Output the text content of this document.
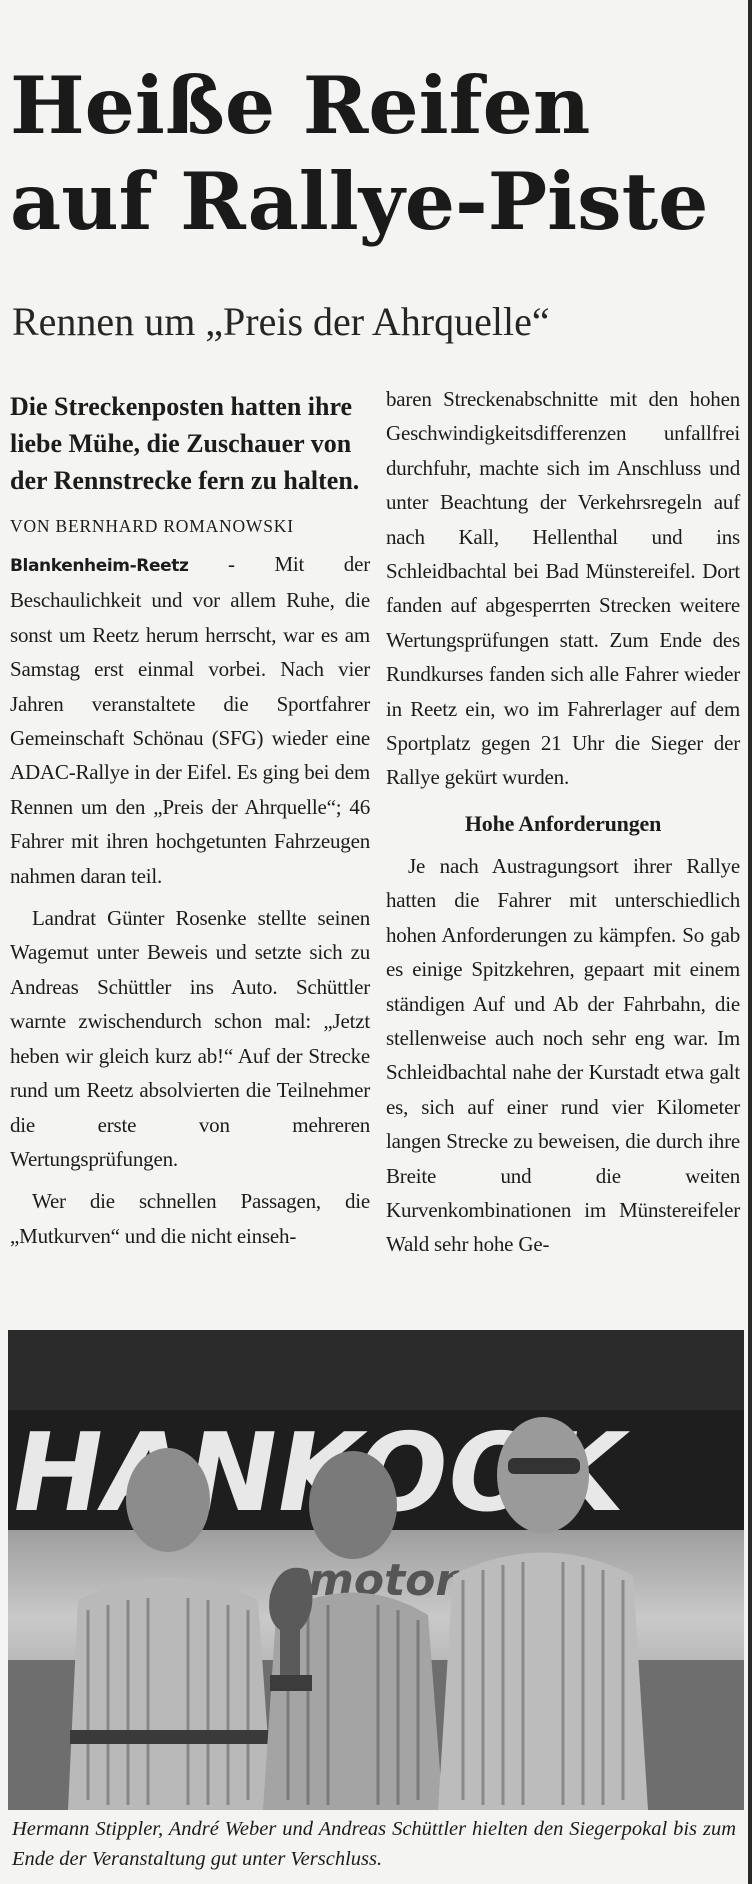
Heiße Reifen auf Rallye-Piste
Rennen um „Preis der Ahrquelle“

Die Streckenposten hatten ihre liebe Mühe, die Zuschauer von der Rennstrecke fern zu halten.

VON BERNHARD ROMANOWSKI

Blankenheim-Reetz - Mit der Beschaulichkeit und vor allem Ruhe, die sonst um Reetz herum herrscht, war es am Samstag erst einmal vorbei. Nach vier Jahren veranstaltete die Sportfahrer Gemeinschaft Schönau (SFG) wieder eine ADAC-Rallye in der Eifel. Es ging bei dem Rennen um den „Preis der Ahrquelle“; 46 Fahrer mit ihren hochgetunten Fahrzeugen nahmen daran teil.

Landrat Günter Rosenke stellte seinen Wagemut unter Beweis und setzte sich zu Andreas Schüttler ins Auto. Schüttler warnte zwischendurch schon mal: „Jetzt heben wir gleich kurz ab!“ Auf der Strecke rund um Reetz absolvierten die Teilnehmer die erste von mehreren Wertungsprüfungen.

Wer die schnellen Passagen, die „Mutkurven“ und die nicht einseh-

baren Streckenabschnitte mit den hohen Geschwindigkeitsdifferenzen unfallfrei durchfuhr, machte sich im Anschluss und unter Beachtung der Verkehrsregeln auf nach Kall, Hellenthal und ins Schleidbachtal bei Bad Münstereifel. Dort fanden auf abgesperrten Strecken weitere Wertungsprüfungen statt. Zum Ende des Rundkurses fanden sich alle Fahrer wieder in Reetz ein, wo im Fahrerlager auf dem Sportplatz gegen 21 Uhr die Sieger der Rallye gekürt wurden.

Hohe Anforderungen

Je nach Austragungsort ihrer Rallye hatten die Fahrer mit unterschiedlich hohen Anforderungen zu kämpfen. So gab es einige Spitzkehren, gepaart mit einem ständigen Auf und Ab der Fahrbahn, die stellenweise auch noch sehr eng war. Im Schleidbachtal nahe der Kurstadt etwa galt es, sich auf einer rund vier Kilometer langen Strecke zu beweisen, die durch ihre Breite und die weiten Kurvenkombinationen im Münstereifeler Wald sehr hohe Ge-

Hermann Stippler, André Weber und Andreas Schüttler hielten den Siegerpokal bis zum Ende der Veranstaltung gut unter Verschluss.
